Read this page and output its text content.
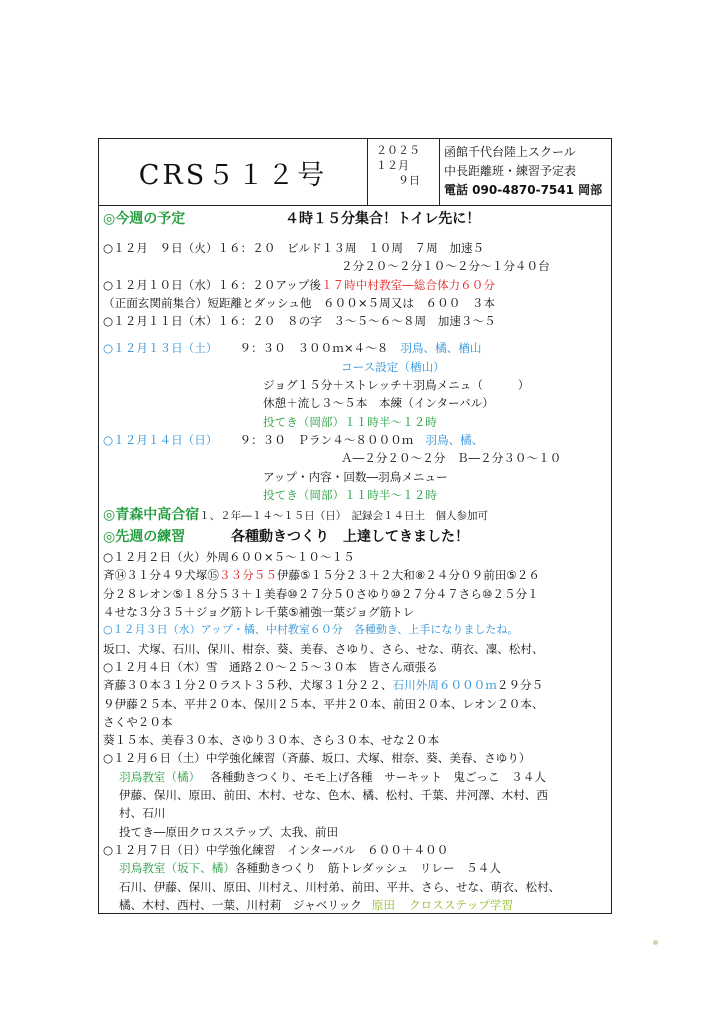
CRS５１２号
２０２５
１２月
９日
函館千代台陸上スクール
中長距離班・練習予定表
電話 090-4870-7541 岡部
◎今週の予定	４時１５分集合！トイレ先に！
○１２月　９日（火）１６：２０　ビルド１３周　１０周　７周　加速５
２分２０～２分１０～２分～１分４０台
○１２月１０日（水）１６：２０アップ後１７時中村教室―総合体力６０分
（正面玄関前集合）短距離とダッシュ他　６００×５周又は　６００　３本
○１２月１１日（木）１６：２０　８の字　３～５～６～８周　加速３～５
○１２月１３日（土） ９：３０　３００ｍ×４～８ 羽鳥、橘、楢山
コース設定（楢山）
ジョグ１５分＋ストレッチ＋羽鳥メニュ（　　　）
休憩＋流し３～５本　本練（インターバル）
投てき（岡部）１１時半～１２時
○１２月１４日（日） ９：３０　Ｐラン４～８０００ｍ 羽鳥、橘、
Ａ―２分２０～２分　Ｂ―２分３０～１０
アップ・内容・回数―羽鳥メニュー
投てき（岡部）１１時半～１２時
◎青森中高合宿１、２年―１４～１５日（日）　記録会１４日土　個人参加可
◎先週の練習	各種動きつくり　上達してきました！
○１２月２日（火）外周６００×５～１０～１５
斉⑭３１分４９犬塚⑮３３分５５伊藤⑤１５分２３＋２大和⑧２４分０９前田⑤２６
分２８レオン⑤１８分５３＋１美春⑩２７分５０さゆり⑩２７分４７さら⑩２５分１
４せな３分３５＋ジョグ筋トレ千葉⑤補強一葉ジョグ筋トレ
○１２月３日（水）アップ・橘、中村教室６０分　各種動き、上手になりましたね。
坂口、犬塚、石川、保川、柑奈、葵、美春、さゆり、さら、せな、萌衣、凜、松村、
○１２月４日（木）雪　通路２０～２５～３０本　皆さん頑張る
斉藤３０本３１分２０ラスト３５秒、犬塚３１分２２、石川外周６０００ｍ２９分５
９伊藤２５本、平井２０本、保川２５本、平井２０本、前田２０本、レオン２０本、
さくや２０本
葵１５本、美春３０本、さゆり３０本、さら３０本、せな２０本
○１２月６日（土）中学強化練習（斉藤、坂口、犬塚、柑奈、葵、美春、さゆり）
羽鳥教室（橘） 各種動きつくり、モモ上げ各種　サーキット　鬼ごっこ　３４人
伊藤、保川、原田、前田、木村、せな、色木、橘、松村、千葉、井河澤、木村、西
村、石川
投てき―原田クロスステップ、太我、前田
○１２月７日（日）中学強化練習　インターバル　６００＋４００
羽鳥教室（坂下、橘）各種動きつくり　筋トレダッシュ　リレー　５４人
石川、伊藤、保川、原田、川村え、川村弟、前田、平井、さら、せな、萌衣、松村、
橘、木村、西村、一葉、川村莉　ジャベリック 原田 クロスステップ学習
